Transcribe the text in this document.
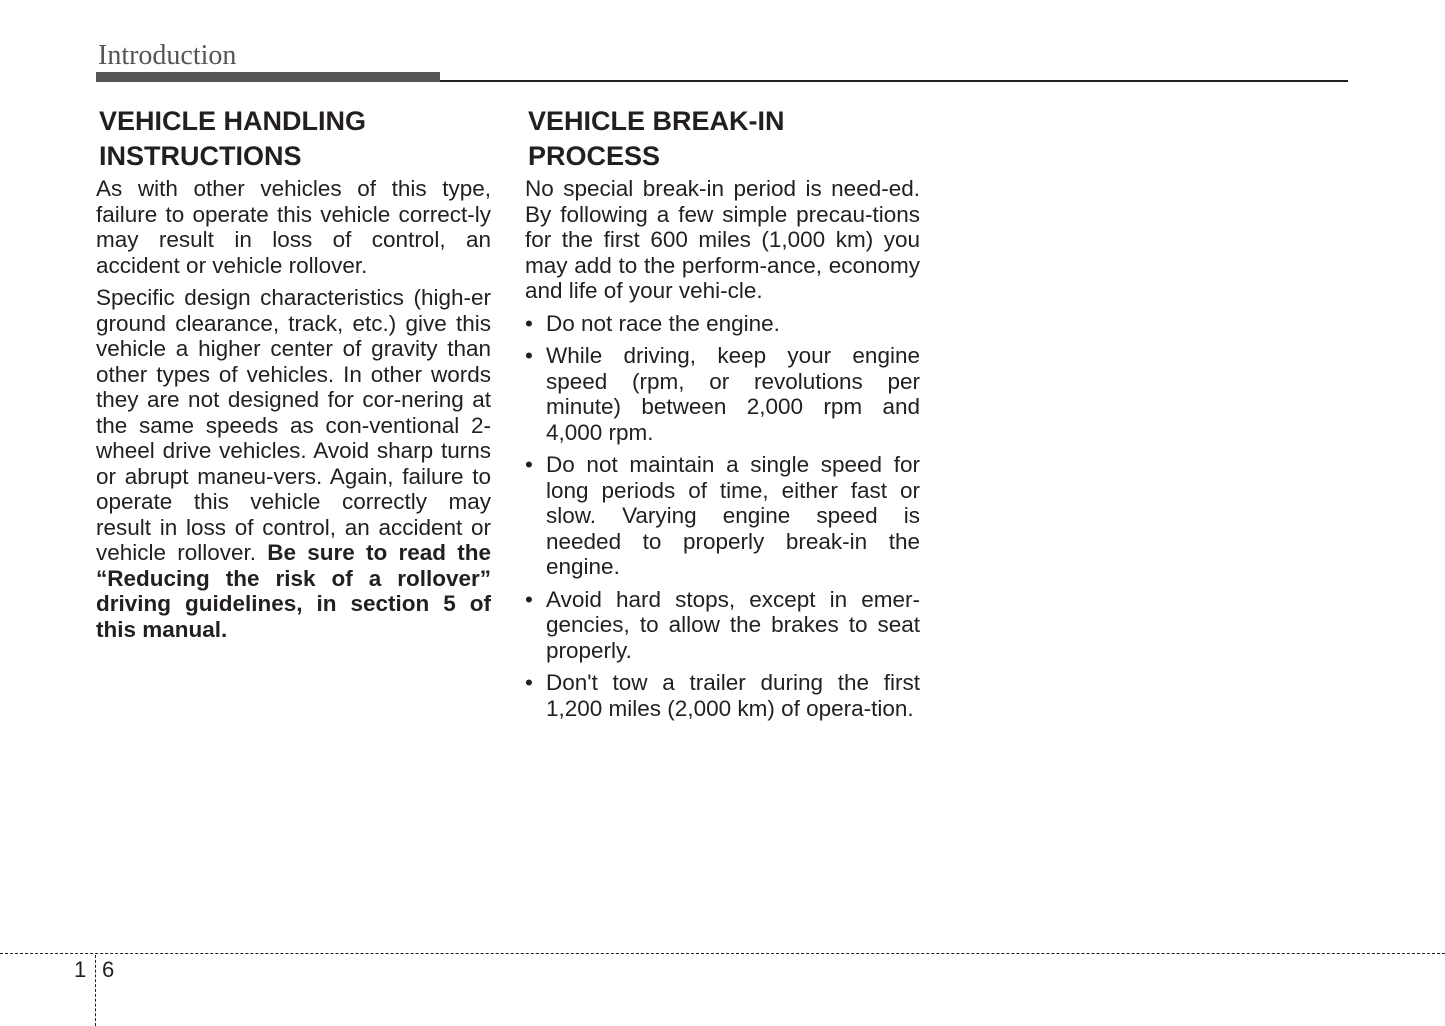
Introduction
VEHICLE HANDLING
INSTRUCTIONS

As with other vehicles of this type, failure to operate this vehicle correct-ly may result in loss of control, an accident or vehicle rollover.

Specific design characteristics (high-er ground clearance, track, etc.) give this vehicle a higher center of gravity than other types of vehicles. In other words they are not designed for cor-nering at the same speeds as con-ventional 2-wheel drive vehicles. Avoid sharp turns or abrupt maneu-vers. Again, failure to operate this vehicle correctly may result in loss of control, an accident or vehicle rollover. Be sure to read the “Reducing the risk of a rollover” driving guidelines, in section 5 of this manual.

VEHICLE BREAK-IN
PROCESS

No special break-in period is need-ed. By following a few simple precau-tions for the first 600 miles (1,000 km) you may add to the perform-ance, economy and life of your vehi-cle.

• Do not race the engine.
• While driving, keep your engine speed (rpm, or revolutions per minute) between 2,000 rpm and 4,000 rpm.
• Do not maintain a single speed for long periods of time, either fast or slow. Varying engine speed is needed to properly break-in the engine.
• Avoid hard stops, except in emer-gencies, to allow the brakes to seat properly.
• Don't tow a trailer during the first 1,200 miles (2,000 km) of opera-tion.
1 6
